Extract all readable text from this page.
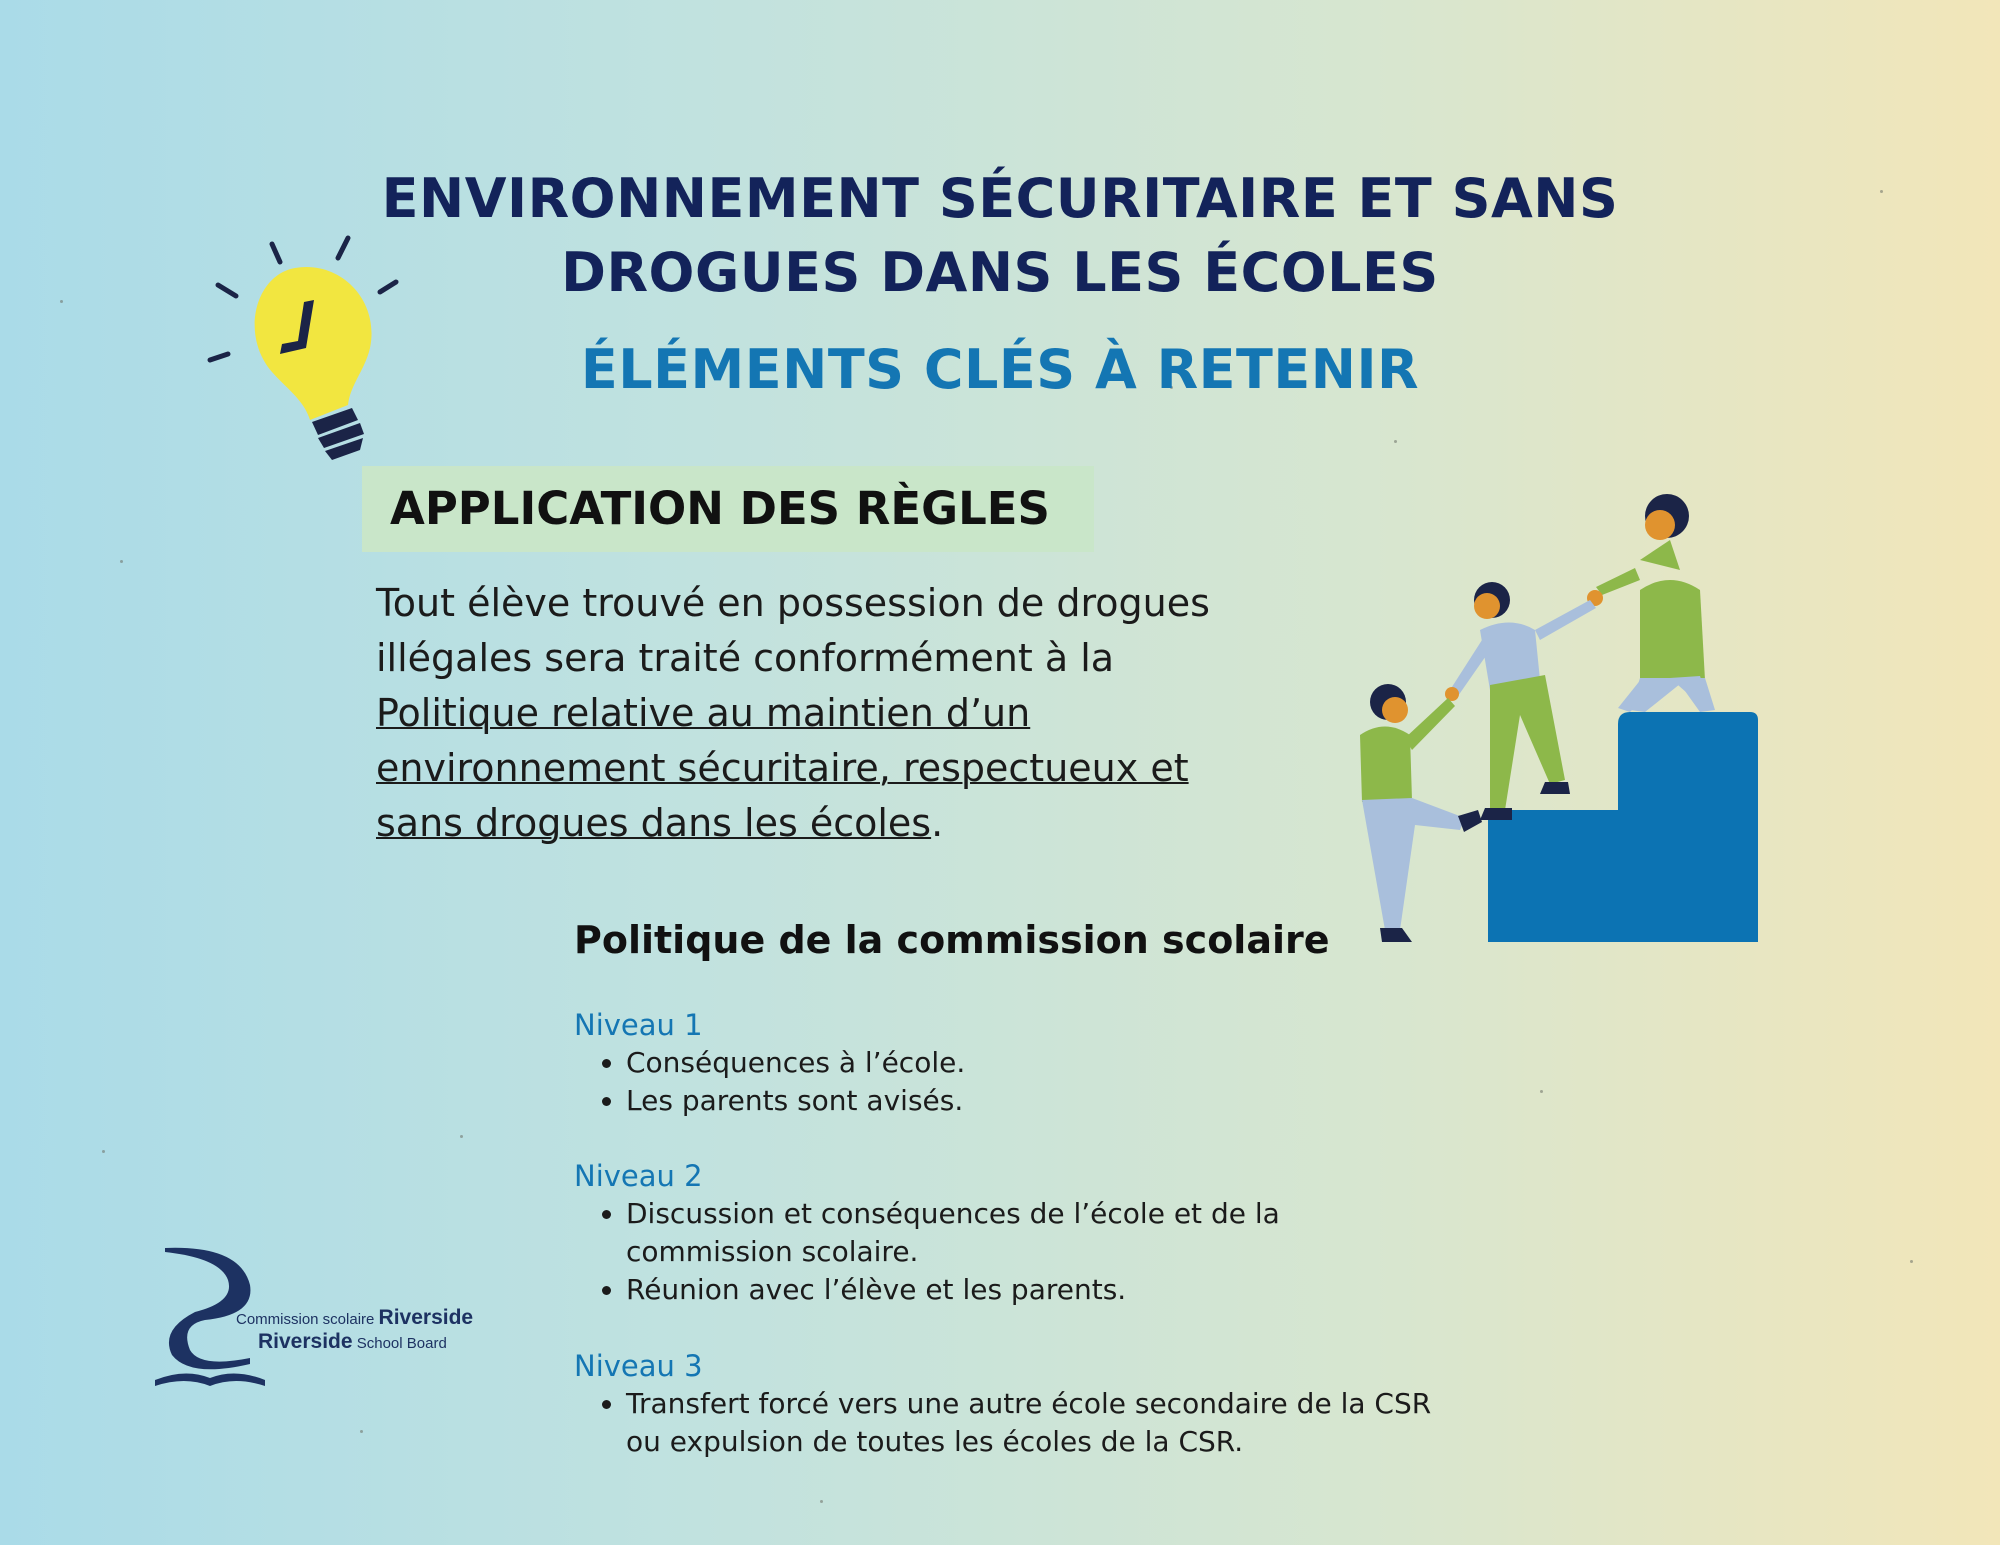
ENVIRONNEMENT SÉCURITAIRE ET SANS
DROGUES DANS LES ÉCOLES
ÉLÉMENTS CLÉS À RETENIR
APPLICATION DES RÈGLES
Tout élève trouvé en possession de drogues illégales sera traité conformément à la Politique relative au maintien d’un environnement sécuritaire, respectueux et sans drogues dans les écoles.
Politique de la commission scolaire
Niveau 1
• Conséquences à l’école.
• Les parents sont avisés.
Niveau 2
• Discussion et conséquences de l’école et de la commission scolaire.
• Réunion avec l’élève et les parents.
Niveau 3
• Transfert forcé vers une autre école secondaire de la CSR ou expulsion de toutes les écoles de la CSR.
Commission scolaire Riverside
Riverside School Board
